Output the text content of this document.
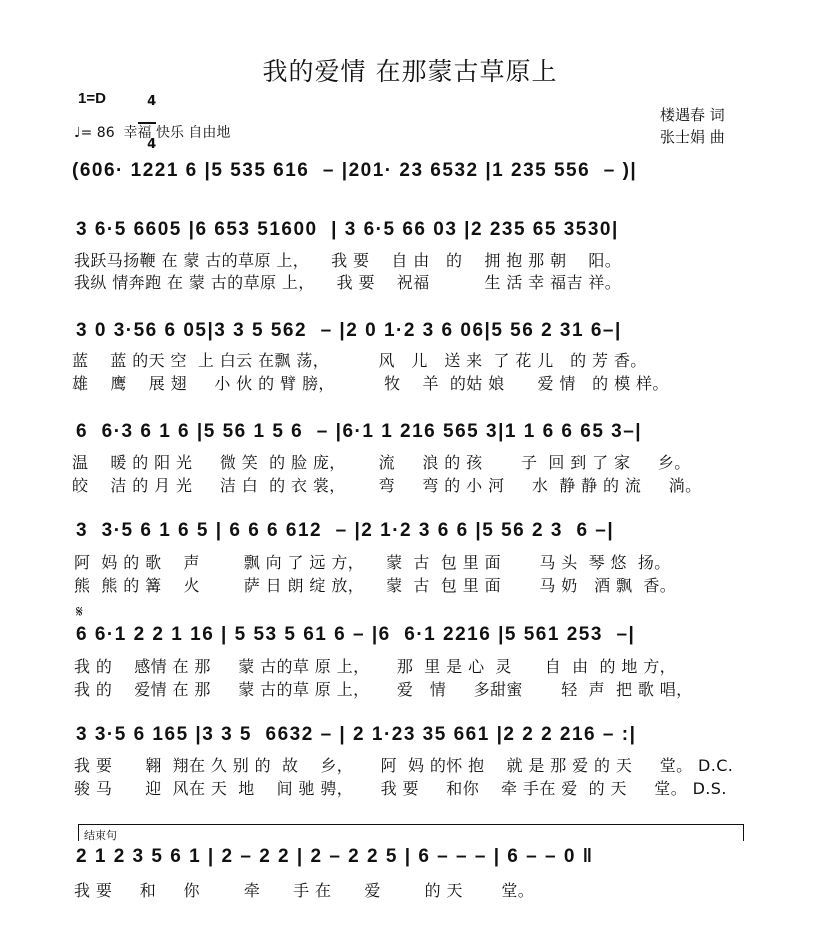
我的爱情 在那蒙古草原上
1=D	4

4

♩= 86  幸福 快乐 自由地
楼遇春 词
张士娟 曲
(606· 1221 6 |5 535 616  – |201· 23 6532 |1 235 556  – )|
3 6·5 6605 |6 653 51600  | 3 6·5 66 03 |2 235 65 3530|
我跃马扬鞭 在 蒙 古的草原 上，    我 要    自 由   的    拥 抱 那 朝    阳。
我纵 情奔跑 在 蒙 古的草原 上，    我 要    祝福          生 活 幸 福吉 祥。
3 0 3·56 6 05|3 3 5 562  – |2 0 1·2 3 6 06|5 56 2 31 6–|
蓝    蓝 的天 空  上 白云 在飘 荡，         风   儿   送 来  了 花 儿   的 芳 香。
雄    鹰    展 翅     小 伙 的 臂 膀，         牧    羊  的姑 娘      爱 情   的 模 样。
6  6·3 6 1 6 |5 56 1 5 6  – |6·1 1 216 565 3|1 1 6 6 65 3–|
温    暖 的 阳 光     微 笑  的 脸 庞，      流     浪 的 孩       子  回 到 了 家     乡。
皎    洁 的 月 光     洁 白  的 衣 裳，      弯     弯 的 小 河     水  静 静 的 流     淌。
3  3·5 6 1 6 5 | 6 6 6 612  – |2 1·2 3 6 6 |5 56 2 3  6 –|
阿  妈 的 歌    声        飘 向 了 远 方，    蒙  古  包 里 面       马 头  琴 悠  扬。
熊  熊 的 篝    火        萨 日 朗 绽 放，    蒙  古  包 里 面       马 奶   酒 飘  香。
𝄋
6 6·1 2 2 1 16 | 5 53 5 61 6 – |6  6·1 2216 |5 561 253  –|
我 的    感情 在 那     蒙 古的草 原 上，     那  里 是 心  灵      自  由  的 地 方，
我 的    爱情 在 那     蒙 古的草 原 上，     爱   情     多甜蜜       轻  声  把 歌 唱，
3 3·5 6 165 |3 3 5  6632 – | 2 1·23 35 661 |2 2 2 216 – :|
我 要      翱  翔在 久 别 的  故    乡，     阿  妈 的怀 抱    就 是 那 爱 的 天     堂。 D.C.
骏 马      迎  风在 天  地    间 驰 骋，     我 要     和你    牵 手在 爱  的 天     堂。 D.S.
结束句
2 1 2 3 5 6 1 | 2 – 2 2 | 2 – 2 2 5 | 6 – – – | 6 – – 0 ‖
我 要     和     你        牵      手 在      爱        的 天       堂。
